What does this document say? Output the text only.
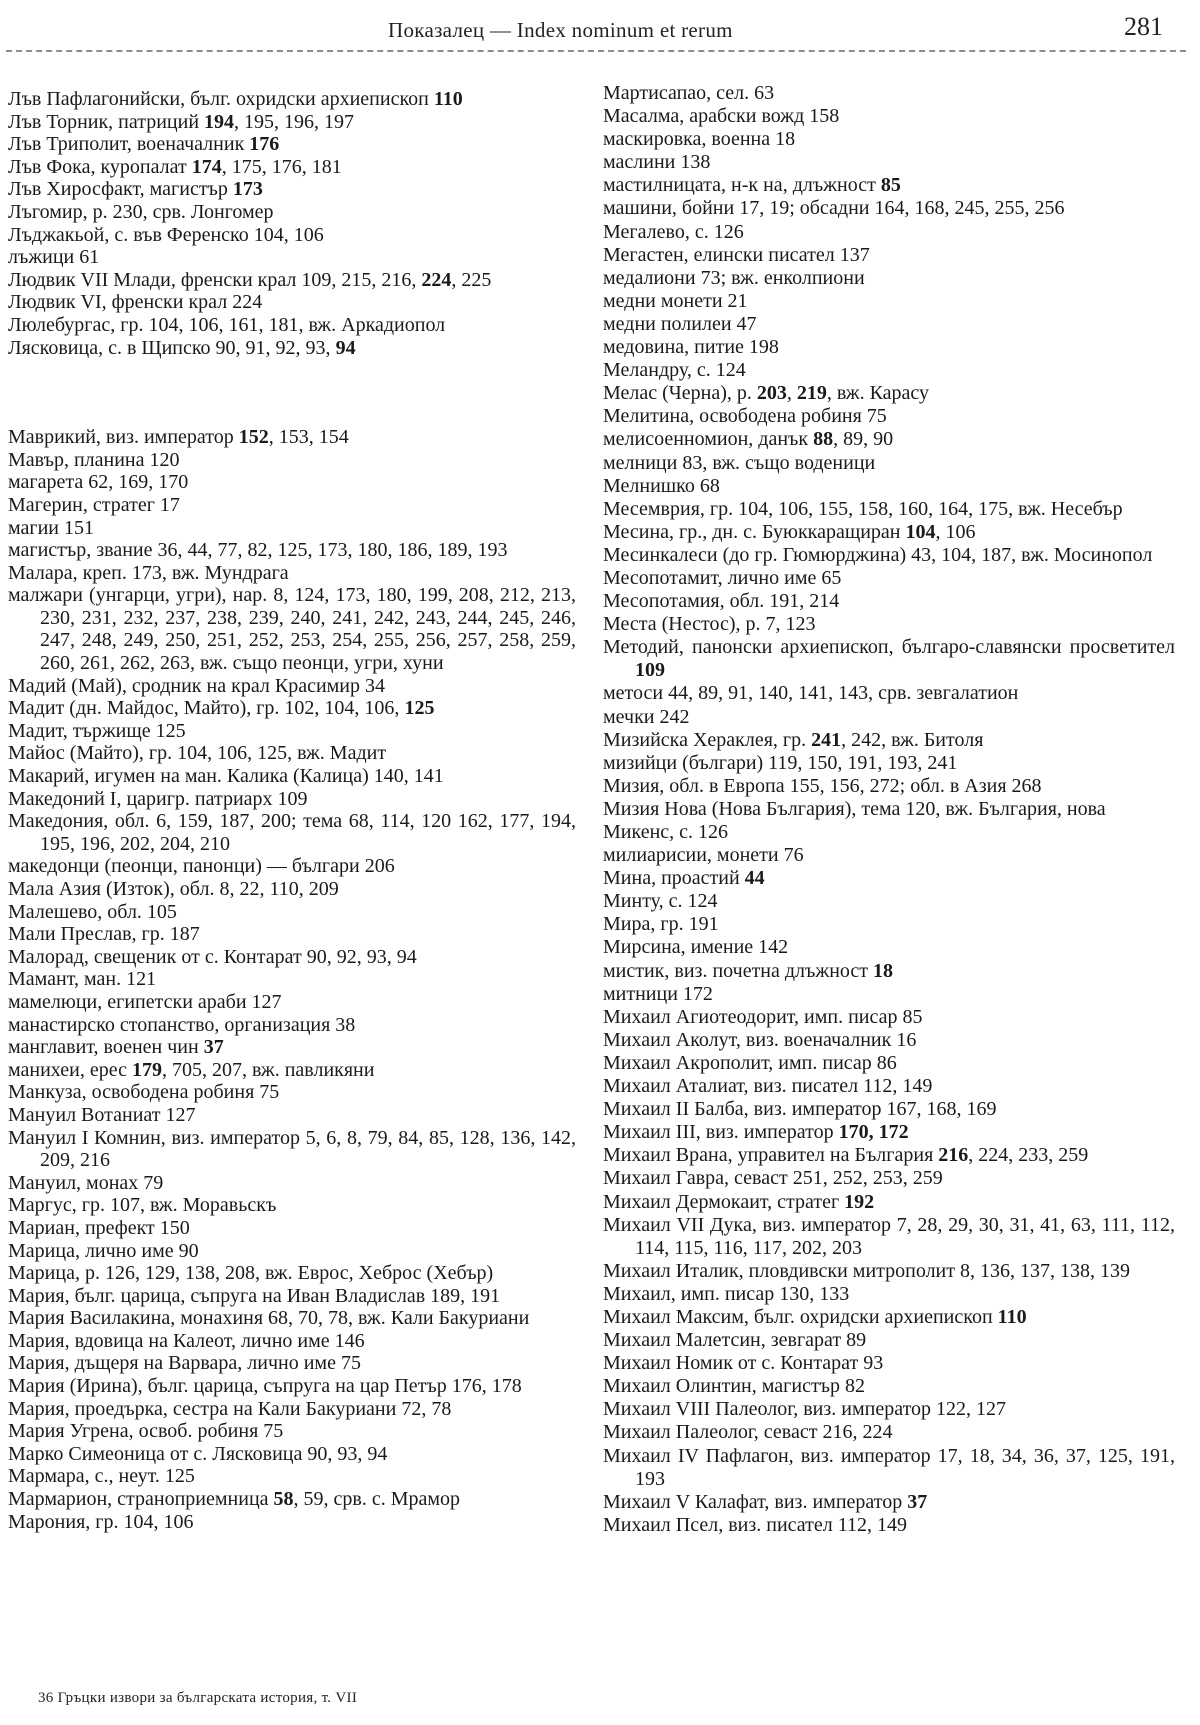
Показалец — Index nominum et rerum	281
Лъв Пафлагонийски, бълг. охридски архиепископ 110
Лъв Торник, патриций 194, 195, 196, 197
Лъв Триполит, военачалник 176
Лъв Фока, куропалат 174, 175, 176, 181
Лъв Хиросфакт, магистър 173
Лъгомир, р. 230, срв. Лонгомер
Лъджакьой, с. във Ференско 104, 106
лъжици 61
Людвик VII Млади, френски крал 109, 215, 216, 224, 225
Людвик VI, френски крал 224
Люлебургас, гр. 104, 106, 161, 181, вж. Аркадиопол
Лясковица, с. в Щипско 90, 91, 92, 93, 94
Маврикий, виз. император 152, 153, 154
Мавър, планина 120
магарета 62, 169, 170
Магерин, стратег 17
магии 151
магистър, звание 36, 44, 77, 82, 125, 173, 180, 186, 189, 193
Малара, креп. 173, вж. Мундрага
малжари (унгарци, угри), нар. 8, 124, 173, 180, 199, 208, 212, 213, 230, 231, 232, 237, 238, 239, 240, 241, 242, 243, 244, 245, 246, 247, 248, 249, 250, 251, 252, 253, 254, 255, 256, 257, 258, 259, 260, 261, 262, 263, вж. също пеонци, угри, хуни
Мадий (Май), сродник на крал Красимир 34
Мадит (дн. Майдос, Майто), гр. 102, 104, 106, 125
Мадит, тържище 125
Майос (Майто), гр. 104, 106, 125, вж. Мадит
Макарий, игумен на ман. Калика (Калица) 140, 141
Македоний I, царигр. патриарх 109
Македония, обл. 6, 159, 187, 200; тема 68, 114, 120 162, 177, 194, 195, 196, 202, 204, 210
македонци (пеонци, панонци) — българи 206
Мала Азия (Изток), обл. 8, 22, 110, 209
Малешево, обл. 105
Мали Преслав, гр. 187
Малорад, свещеник от с. Контарат 90, 92, 93, 94
Мамант, ман. 121
мамелюци, египетски араби 127
манастирско стопанство, организация 38
манглавит, военен чин 37
манихеи, ерес 179, 705, 207, вж. павликяни
Манкуза, освободена робиня 75
Мануил Вотаниат 127
Мануил I Комнин, виз. император 5, 6, 8, 79, 84, 85, 128, 136, 142, 209, 216
Мануил, монах 79
Маргус, гр. 107, вж. Моравьскъ
Мариан, префект 150
Марица, лично име 90
Марица, р. 126, 129, 138, 208, вж. Еврос, Хеброс (Хебър)
Мария, бълг. царица, съпруга на Иван Владислав 189, 191
Мария Василакина, монахиня 68, 70, 78, вж. Кали Бакуриани
Мария, вдовица на Калеот, лично име 146
Мария, дъщеря на Варвара, лично име 75
Мария (Ирина), бълг. царица, съпруга на цар Петър 176, 178
Мария, проедърка, сестра на Кали Бакуриани 72, 78
Мария Угрена, освоб. робиня 75
Марко Симеоница от с. Лясковица 90, 93, 94
Мармара, с., неут. 125
Мармарион, страноприемница 58, 59, срв. с. Мрамор
Марония, гр. 104, 106
Мартисапао, сел. 63
Масалма, арабски вожд 158
маскировка, военна 18
маслини 138
мастилницата, н-к на, длъжност 85
машини, бойни 17, 19; обсадни 164, 168, 245, 255, 256
Мегалево, с. 126
Мегастен, елински писател 137
медалиони 73; вж. енколпиони
медни монети 21
медни полилеи 47
медовина, питие 198
Меландру, с. 124
Мелас (Черна), р. 203, 219, вж. Карасу
Мелитина, освободена робиня 75
мелисоенномион, данък 88, 89, 90
мелници 83, вж. също воденици
Мелнишко 68
Месемврия, гр. 104, 106, 155, 158, 160, 164, 175, вж. Несебър
Месина, гр., дн. с. Буюккаращиран 104, 106
Месинкалеси (до гр. Гюмюрджина) 43, 104, 187, вж. Мосинопол
Месопотамит, лично име 65
Месопотамия, обл. 191, 214
Места (Нестос), р. 7, 123
Методий, панонски архиепископ, българо-славянски просветител 109
метоси 44, 89, 91, 140, 141, 143, срв. зевгалатион
мечки 242
Мизийска Хераклея, гр. 241, 242, вж. Битоля
мизийци (българи) 119, 150, 191, 193, 241
Мизия, обл. в Европа 155, 156, 272; обл. в Азия 268
Мизия Нова (Нова България), тема 120, вж. България, нова
Микенс, с. 126
милиарисии, монети 76
Мина, проастий 44
Минту, с. 124
Мира, гр. 191
Мирсина, имение 142
мистик, виз. почетна длъжност 18
митници 172
Михаил Агиотеодорит, имп. писар 85
Михаил Аколут, виз. военачалник 16
Михаил Акрополит, имп. писар 86
Михаил Аталиат, виз. писател 112, 149
Михаил II Балба, виз. император 167, 168, 169
Михаил III, виз. император 170, 172
Михаил Врана, управител на България 216, 224, 233, 259
Михаил Гавра, севаст 251, 252, 253, 259
Михаил Дермокаит, стратег 192
Михаил VII Дука, виз. император 7, 28, 29, 30, 31, 41, 63, 111, 112, 114, 115, 116, 117, 202, 203
Михаил Италик, пловдивски митрополит 8, 136, 137, 138, 139
Михаил, имп. писар 130, 133
Михаил Максим, бълг. охридски архиепископ 110
Михаил Малетсин, зевгарат 89
Михаил Номик от с. Контарат 93
Михаил Олинтин, магистър 82
Михаил VIII Палеолог, виз. император 122, 127
Михаил Палеолог, севаст 216, 224
Михаил IV Пафлагон, виз. император 17, 18, 34, 36, 37, 125, 191, 193
Михаил V Калафат, виз. император 37
Михаил Псел, виз. писател 112, 149
36 Гръцки извори за българската история, т. VII
